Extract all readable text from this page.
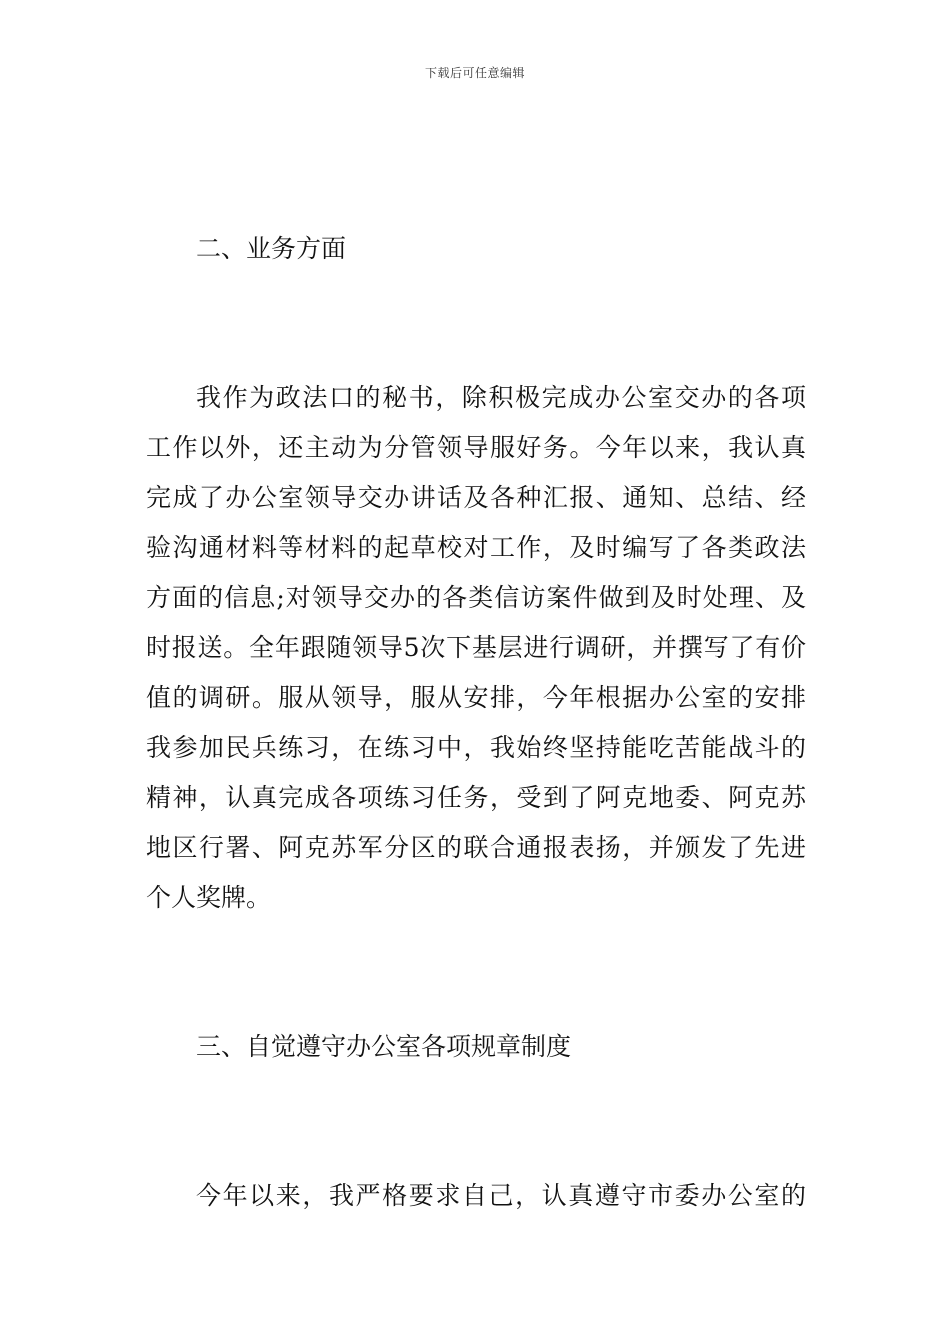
下载后可任意编辑
二、业务方面
我作为政法口的秘书，除积极完成办公室交办的各项
工作以外，还主动为分管领导服好务。今年以来，我认真
完成了办公室领导交办讲话及各种汇报、通知、总结、经
验沟通材料等材料的起草校对工作，及时编写了各类政法
方面的信息;对领导交办的各类信访案件做到及时处理、及
时报送。全年跟随领导5次下基层进行调研，并撰写了有价
值的调研。服从领导，服从安排，今年根据办公室的安排
我参加民兵练习，在练习中，我始终坚持能吃苦能战斗的
精神，认真完成各项练习任务，受到了阿克地委、阿克苏
地区行署、阿克苏军分区的联合通报表扬，并颁发了先进
个人奖牌。
三、自觉遵守办公室各项规章制度
今年以来，我严格要求自己，认真遵守市委办公室的
